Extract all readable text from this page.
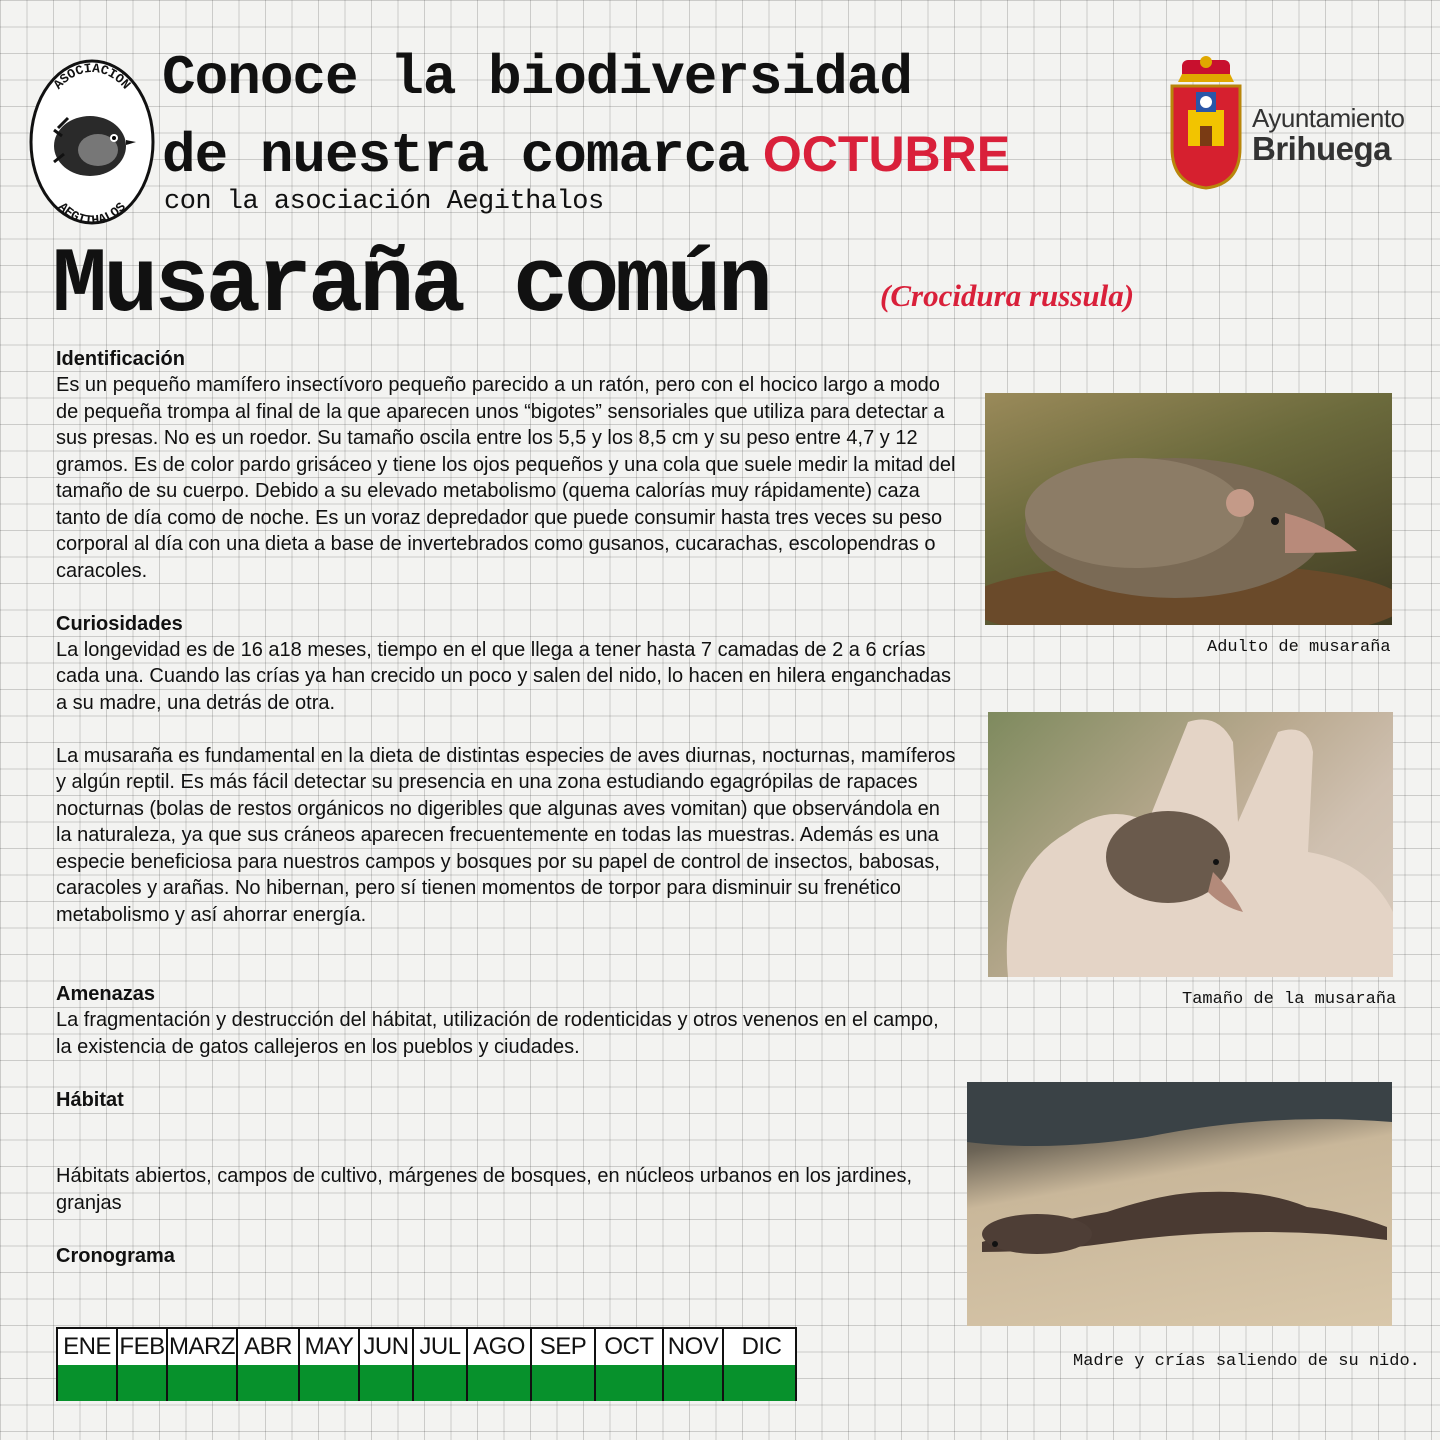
ASOCIACIÓN
AEGITHALOS
Conoce la biodiversidad
de nuestra comarca OCTUBRE
con la asociación Aegithalos
Ayuntamiento
Brihuega
Musaraña común	(Crocidura russula)

Identificación

Es un pequeño mamífero insectívoro pequeño parecido a un ratón, pero con el hocico largo a modo de pequeña trompa al final de la que aparecen unos “bigotes” sensoriales que utiliza para detectar a sus presas. No es un roedor. Su tamaño oscila entre los 5,5 y los 8,5 cm y su peso entre 4,7 y 12 gramos. Es de color pardo grisáceo y tiene los ojos pequeños y una cola que suele medir la mitad del tamaño de su cuerpo. Debido a su elevado metabolismo (quema calorías muy rápidamente) caza tanto de día como de noche. Es un voraz depredador que puede consumir hasta tres veces su peso corporal al día con una dieta a base de invertebrados como gusanos, cucarachas, escolopendras o caracoles.

Curiosidades

La longevidad es de 16 a18 meses, tiempo en el que llega a tener hasta 7 camadas de 2 a 6 crías cada una. Cuando las crías ya han crecido un poco y salen del nido, lo hacen en hilera enganchadas a su madre, una detrás de otra.

La musaraña es fundamental en la dieta de distintas especies de aves diurnas, nocturnas, mamíferos y algún reptil. Es más fácil detectar su presencia en una zona estudiando egagrópilas de rapaces nocturnas (bolas de restos orgánicos no digeribles que algunas aves vomitan) que observándola en la naturaleza, ya que sus cráneos aparecen frecuentemente en todas las muestras. Además es una especie beneficiosa para nuestros campos y bosques por su papel de control de insectos, babosas, caracoles y arañas. No hibernan, pero sí tienen momentos de torpor para disminuir su frenético metabolismo y así ahorrar energía.

Amenazas

La fragmentación y destrucción del hábitat, utilización de rodenticidas y otros venenos en el campo, la existencia de gatos callejeros en los pueblos y ciudades.

Hábitat

Hábitats abiertos, campos de cultivo, márgenes de bosques, en núcleos urbanos en los jardines, granjas

Cronograma

Adulto de musaraña
Tamaño de la musaraña
Madre y crías saliendo de su nido.
ENE FEB MARZ ABR MAY JUN JUL AGO SEP OCT NOV DIC
